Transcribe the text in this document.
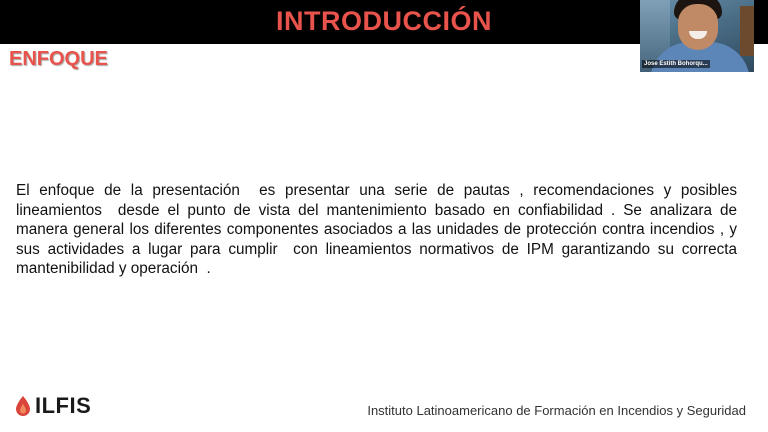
INTRODUCCIÓN
ENFOQUE
El enfoque de la presentación  es presentar una serie de pautas , recomendaciones y posibles lineamientos  desde el punto de vista del mantenimiento basado en confiabilidad . Se analizara de manera general los diferentes componentes asociados a las unidades de protección contra incendios , y sus actividades a lugar para cumplir  con lineamientos normativos de IPM garantizando su correcta mantenibilidad y operación  .
Jose Estith Bohorqu...
ILFIS	Instituto Latinoamericano de Formación en Incendios y Seguridad
